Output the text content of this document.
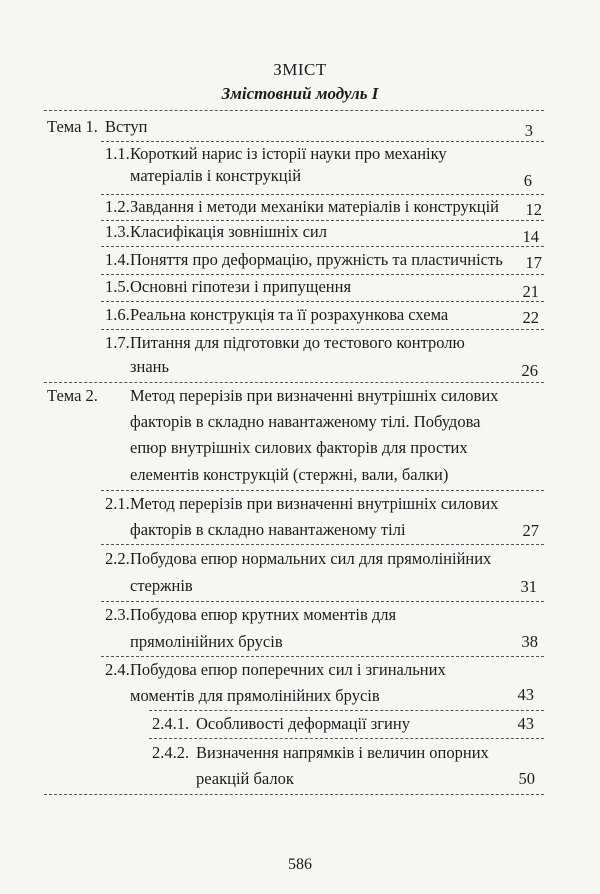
ЗМІСТ
Змістовний модуль I
Тема 1. Вступ	3
1.1. Короткий нарис із історії науки про механіку
матеріалів і конструкцій	6
1.2. Завдання і методи механіки матеріалів і конструкцій	12
1.3. Класифікація зовнішніх сил	14
1.4. Поняття про деформацію, пружність та пластичність	17
1.5. Основні гіпотези і припущення	21
1.6. Реальна конструкція та її розрахункова схема	22
1.7. Питання для підготовки до тестового контролю
знань	26
Тема 2. Метод перерізів при визначенні внутрішніх силових
факторів в складно навантаженому тілі. Побудова
епюр внутрішніх силових факторів для простих
елементів конструкцій (стержні, вали, балки)
2.1. Метод перерізів при визначенні внутрішніх силових
факторів в складно навантаженому тілі	27
2.2. Побудова епюр нормальних сил для прямолінійних
стержнів	31
2.3. Побудова епюр крутних моментів для
прямолінійних брусів	38
2.4. Побудова епюр поперечних сил і згинальних
моментів для прямолінійних брусів	43
2.4.1. Особливості деформації згину	43
2.4.2. Визначення напрямків і величин опорних
реакцій балок	50
586
